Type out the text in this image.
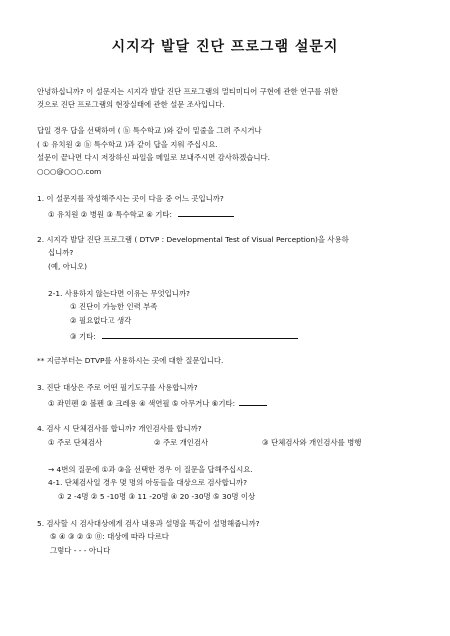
시지각 발달 진단 프로그램 설문지
안녕하십니까? 이 설문지는 시지각 발달 진단 프로그램의 멀티미디어 구현에 관한 연구를 위한
것으로 진단 프로그램의 현장실태에 관한 설문 조사입니다.
답일 경우 답을 선택하여 ( ⓑ 특수학교 )와 같이 밑줄을 그려 주시거나
( ① 유치원 ② ⓑ 특수학교 )과 같이 답을 지워 주십시요.
설문이 끝나면 다시 저장하신 파일을 메일로 보내주시면 감사하겠습니다.
○○○@○○○.com
1. 이 설문지를 작성해주시는 곳이 다음 중 어느 곳입니까?
① 유치원 ② 병원 ③ 특수학교 ④ 기타:
2. 시지각 발달 진단 프로그램 ( DTVP : Developmental Test of Visual Perception)을 사용하
십니까?
(예, 아니오)
2-1. 사용하지 않는다면 이유는 무엇입니까?
① 진단이 가능한 인력 부족
② 필요없다고 생각
③ 기타:
** 지금부터는 DTVP를 사용하시는 곳에 대한 질문입니다.
3. 진단 대상은 주로 어떤 필기도구를 사용합니까?
① 좌민펜 ② 볼펜 ③ 크레용 ④ 색연필 ⑤ 아무거나 ⑥기타:
4. 검사 시 단체검사를 합니까? 개인검사를 합니까?
① 주로 단체검사	② 주로 개인검사	③ 단체검사와 개인검사를 병행
→ 4번의 질문에 ①과 ③을 선택한 경우 이 질문을 답해주십시요.
4-1. 단체검사일 경우 몇 명의 아동들을 대상으로 검사합니까?
① 2 -4명 ② 5 -10명 ③ 11 -20명 ④ 20 -30명 ⑤ 30명 이상
5. 검사할 시 검사대상에게 검사 내용과 설명을 똑같이 설명해줍니까?
⑤ ④ ③ ② ① ⓪: 대상에 따라 다르다
그렇다 - - - 아니다
